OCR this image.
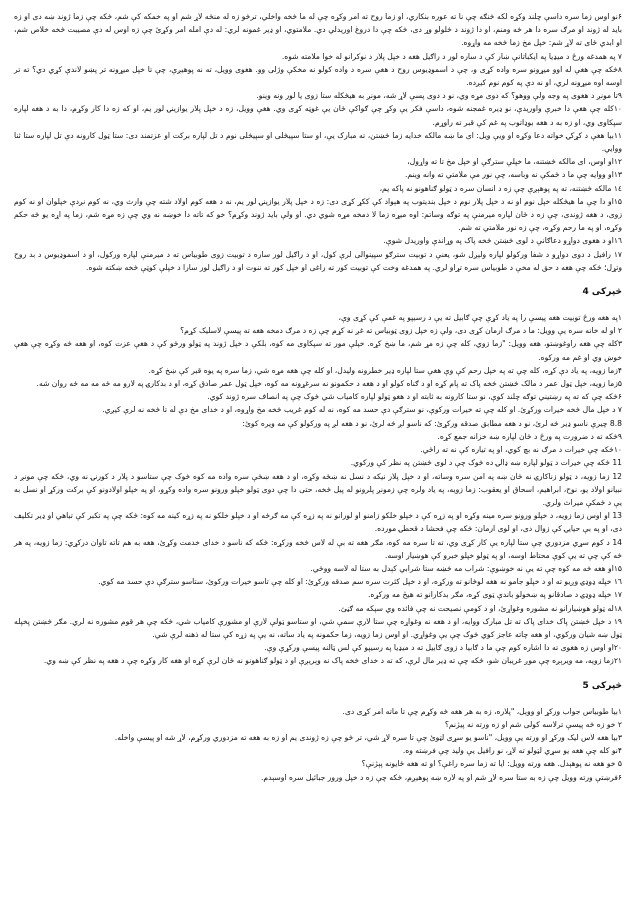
۶نو اوس زما سره داسې چلند وکړه لکه څنګه چې نا ته عوره بنکاري، او زما روح ته امر وکړه چې له ما څخه واخلي، ترڅو زه له منځه لاړ شم او په خمکه کې شم، څکه چې زما ژوند ښه دی او زه باید له ژوند او مرګ سره دا هر څه ومنم، او دا ژوند د څلولو وړ دی، څکه چې دا دروغ اوریدلي دي. ملامتوي، او ډیر غمونه لري: له دې امله امر وکړئ چې زه اوس له دې مصیبت څخه خلاص شم، او ابدي ځای ته لاړ شم: خپل مخ زما څخه مه واړوه.

۷ په همدغه ورځ د میډیا په ایکباتانې ښار کې د ساره لور د راګیل هغه د خپل پلار د نوکرانو له خوا ملامته شوه.

۸څکه چې هغې له اوو میړونو سره واده کړی و، چې د اسموډیوس روح د هغې سره د واده کولو نه مخکې وژلی وو. هغوی وویل، ته نه پوهیږې، چې تا خپل میړونه تر پښو لاندې کړي دي؟ ته تر اوسه اوه میړونه لري، او نه دې په کوم نوم کیږده.

۹تا مونږ د هغوی په وجه ولې ووهو؟ که دوی مړه وي، نو د دوی پسې لاړ شه، مونږ به هیڅکله ستا زوی یا لور ونه وینو.

۱۰کله چې هغې دا خبرې واوریدې، نو ډیره غمجنه شوه، داسې فکر یې وکړ چې ګواکې ځان یې غوټه کړی وي. هغې وویل، زه د خپل پلار یوازینۍ لور یم، او که زه دا کار وکړم، دا به د هغه لپاره سپکاوی وي، او زه به د هغه بوډاتوب په غم کې قبر ته راوړم.

۱۱بیا هغې د کړکۍ خواته دعا وکړه او ویې ویل: ای ما ښه مالکه خدایه زما څښتن، ته مبارک یې، او ستا سپیڅلی او سپیڅلی نوم د تل لپاره برکت او عزتمند دی: ستا ټول کارونه دې تل لپاره ستا ثنا ووایي.

۱۲او اوس، ای مالکه څښتنه، ما خپلې سترګې او خپل مخ تا ته واړول،

۱۳او ووایه چې ما د ځمکې نه وباسه، چې نور مې ملامتي ته وانه وینم.

۱٤ مالکه څښتنه، ته په پوهېږې چې زه د انسان سره د ټولو ګناهونو نه پاکه یم،

۱۵او دا چې ما هیڅکله خپل نوم او نه د خپل پلار نوم د خپل بندیتوب په هېواد کې ککړ کړی دی: زه د خپل پلار یوازینۍ لور یم، نه د هغه کوم اولاد شته چې وارث وي، نه کوم نږدې خپلوان او نه کوم زوی، د هغه ژوندی، چې زه د ځان لپاره میرمنې په توګه وساتم: اوه میړه زما لا دمخه مړه شوي دي. او ولې باید ژوند وکړم؟ خو که تاته دا خوښه نه وي چې زه مړه شم، زما په اړه یو څه حکم وکړه، او په ما رحم وکړه، چې زه نور ملامتي ته شم.

۱٦او د هغوی دواړو دعاګانې د لوی څښتن څخه پاک په وړاندې واوریدل شوې.

۱۷ رافیل د دوی دواړو د شفا ورکولو لپاره ولیږل شو، یعنې د توبیت سترګو سپینوالی لرې کول، او د راګیل لور ساره د توبیت زوی طوبیاس ته د میرمنې لپاره ورکول، او د اسموډیوس د بد روح وتړل؛ څکه چې هغه د حق له مخې د طوبیاس سره تړاو لري. په همدغه وخت کې توبیت کور ته راغی او خپل کور ته ننوت او د راګیل لور سارا د خپلې کوټې څخه ښکته شوه.

څپرکی 4

۱په هغه ورځ توبیت هغه پیسې را په یاد کړې چې ګابیل ته یې د رسیپو په غمې کې کړی وې،

۲ او له خانه سره یې وویل: ما د مرګ ارمان کړی دی، ولې زه خپل زوی ټوبیاس ته غږ نه کړم چې زه د مرګ دمخه هغه ته پیسې لاسلیک کړم؟

۳کله چې هغه راوغوښتو، هغه وویل: "زما زوي، کله چې زه مړ شم، ما ښخ کړه. خپلې مور ته سپکاوی مه کوه، بلکې د خپل ژوند په ټولو ورځو کې د هغې عزت کوه، او هغه څه وکړه چې هغې خوښ وي او غم مه ورکوه.

۴زما زویه، په یاد دې کړه، کله چې ته په خپل رحم کې وې هغې ستا لپاره ډیر خطرونه ولیدل، او کله چې هغه مړه شي، زما سره په یوه قبر کې ښخ کړه.

۵زما زویه، خپل ټول عمر د مالک څښتن څخه پاک ته پام کړه او د ګناه کولو او د هغه د حکمونو نه سرغړونه مه کوه، خپل ټول عمر صادق کړه، او د بدکارۍ په لارو مه ځه مه مه ځه روان شه.

۶څکه چې که ته په رښتیني توګه چلند کوې، نو ستا کارونه به ثابته او د هغو ټولو لپاره کامیاب شي څوک چې په انصاف سره ژوند کوي.

۷ د خپل مال څخه خیرات ورکړئ. او کله چې ته خیرات ورکوې، نو سترګې دې حسد مه کوه، نه له کوم غریب څخه مخ واړوه، او د خدای مخ دې له تا څخه نه لرې کیږي.

8.8 چیرې ناسو ډیر څه لرئ، نو د هغه مطابق صدقه ورکړئ: که ناسو لږ څه لرئ، نو د هغه لږ په ورکولو کې مه ویره کوئ:

۹څکه ته د ضرورت په ورځ د ځان لپاره ښه خزانه جمع کړه.

۱۰څکه چې خیرات د مرګ نه بچ کوي، او په تیاره کې نه ته راځي.

11 څکه چې خیرات د ټولو لپاره ښه ډالۍ ده څوک چې د لوی څښتن په نظر کې ورکوي.

12 زما زویه، د ټولو زناکارۍ نه ځان ښه په امن سره وساته، او د خپل پلار نیکه د نسل نه ښځه وکړه، او د هغه ښځې سره واده مه کوه څوک چې ستاسو د پلار د کورنۍ نه وي، څکه چې مونږ د نبیانو اولاد یو، نوح، ابراهیم، اسحاق او یعقوب: زما زویه، په یاد ولره چې زمونږ پلرونو له پیل څخه، حتی دا چې دوی ټولو خپلو ورونو سره واده وکړو، او په خپلو اولادونو کې برکت ورکړ او نسل به یې د ځمکې میراث ولري.

13 او اوس زما زویه، د خپلو ورونو سره مینه وکړه او په زړه کې د خپلو خلکو زامنو او لورانو نه په زړه کې مه ګرځه او د خپلو خلکو نه په زړه کینه مه کوه: څکه چې په تکبر کې تباهي او ډیر تکلیف دی، او په بې حیایۍ کې زوال دی، او لوی ارمان: څکه چې فحشا د قحطۍ مورده.

14 د کوم سړي مزدوري چې ستا لپاره یې کار کړی وي، ته تا سره مه کوه، مګر هغه ته بې له لاس څخه ورکړه: څکه که ناسو د خدای خدمت وکړئ، هغه به هم تاته تاوان درکړي: زما زویه، په هر څه کې چې ته یې کوې محتاط اوسه، او په ټولو خپلو خبرو کې هوښیار اوسه.

۱۵او هغه څه مه کوه چې ته یې نه خوښوې: شراب مه څښه ستا شرابي کېدل به ستا له لاسه ووځي.

۱٦ خپله ډوډۍ وږیو ته او د خپلو جامو نه هغه لوڅانو ته ورکړه، او د خپل کثرت سره سم صدقه ورکړئ: او کله چې تاسو خیرات ورکوئ، ستاسو سترګې دې حسد مه کوي.

۱۷ خپله ډوډۍ د صادقانو په ښخولو باندې ټوی کړه، مګر بدکارانو ته هیڅ مه ورکړه.

۱۸له ټولو هوښیارانو نه مشوره وغواړئ، او د کومې نصیحت نه چې فائده وي سپکه مه ګڼئ.

۱۹ د خپل څښتن پاک خدای پاک ته تل مبارک ووایه، او د هغه نه وغواړه چې ستا لارې سمې شي، او ستاسو ټولې لارې او مشورې کامیاب شي، څکه چې هر قوم مشوره نه لري. مګر څښتن پخپله ټول ښه شیان ورکوي، او هغه چاته عاجز کوي څوک چې یې وغواړي. او اوس زما زویه، زما حکمونه په یاد ساته، نه یې په زړه کې ستا له ذهنه لرې شي.

۲۰او اوس زه هغوی ته دا اشاره کوم چې ما د ګابیا د زوی ګابیل ته د میډیا په رسیپو کې لس ټالنه پیسې ورکړې وې.

۲۱زما زویه، مه ویرېږه چې موږ غریبان شو، څکه چې ته ډیر مال لرې، که ته د خدای څخه پاک نه وېریږې او د ټولو ګناهونو نه ځان لرې کړه او هغه کار وکړه چې د هغه په نظر کې ښه وي.

څپرکی 5

۱بیا طوبیاس جواب ورکړ او وویل، "پلاره، زه به هر هغه څه وکړم چې تا ماته امر کړی دی.

۲ خو زه څه پیسې ترلاسه کولی شم او زه ورته نه پیژنم؟

۳بیا هغه لاس لیک ورکړ او ورته یې وویل، "ناسو یو سړی لټوئ چې تا سره لاړ شي، تر څو چې زه ژوندی یم او زه به هغه ته مزدوري ورکړم، لاړ شه او پیسې واخله.

۴نو کله چې هغه یو سړي لټولو ته لاړ، نو رافیل یې ولید چې فرښته وه.

۵ خو هغه نه پوهېدل. هغه ورته وویل: ایا ته زما سره راغې؟ او ته هغه ځایونه پېژنې؟

۶فرښتې ورته وویل چې زه به ستا سره لاړ شم او په لاره ښه پوهیږم، څکه چې زه د خپل ورور جبائیل سره اوسېدم.
